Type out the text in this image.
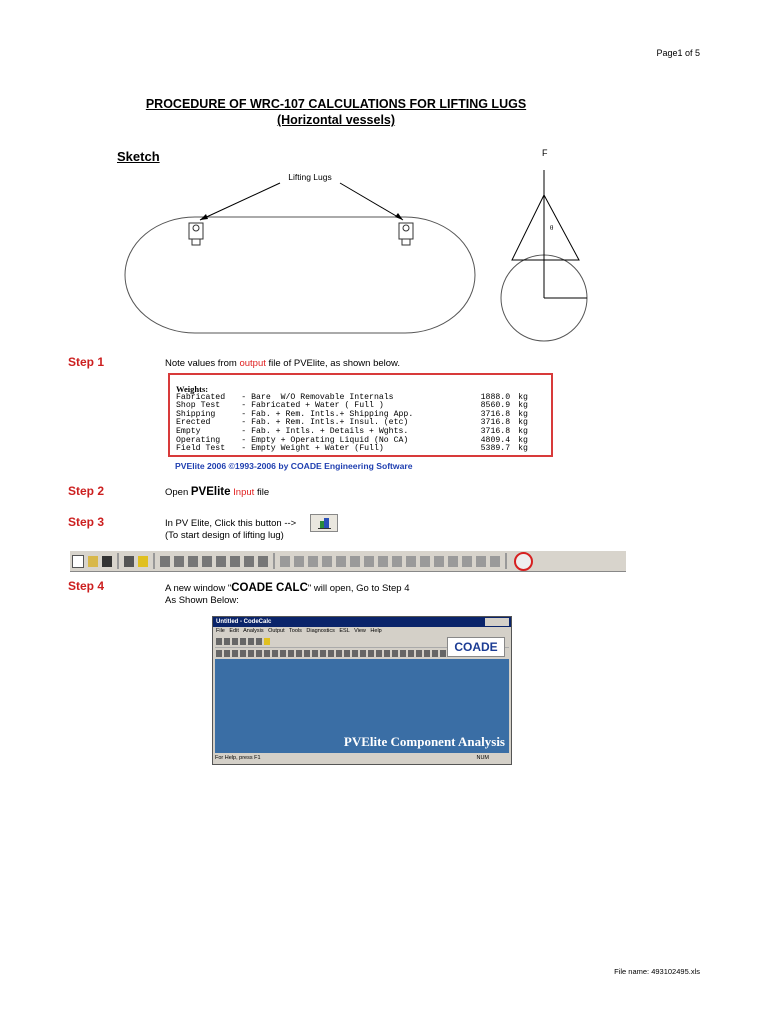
Page1 of 5
PROCEDURE OF WRC-107 CALCULATIONS FOR LIFTING LUGS
(Horizontal vessels)
Sketch
Lifting Lugs
θ
F
Step 1	Note values from output file of PVElite, as shown below.
Weights:
Fabricated	- Bare  W/O Removable Internals	1888.0 kg
Shop Test	- Fabricated + Water ( Full )	8560.9 kg
Shipping	- Fab. + Rem. Intls.+ Shipping App.	3716.8 kg
Erected	- Fab. + Rem. Intls.+ Insul. (etc)	3716.8 kg
Empty	- Fab. + Intls. + Details + Wghts.	3716.8 kg
Operating	- Empty + Operating Liquid (No CA)	4809.4 kg
Field Test	- Empty Weight + Water (Full)	5389.7 kg
PVElite 2006 ©1993-2006 by COADE Engineering Software
Step 2	Open PVElite Input file
Step 3	In PV Elite, Click this button -->
(To start design of lifting lug)
Step 4	A new window "COADE CALC" will open, Go to Step 4
As Shown Below:
Untitled - CodeCalc
File Edit Analysis Output Tools Diagnostics ESL View Help
COADE
PVElite Component Analysis
For Help, press F1	NUM
File name: 493102495.xls
